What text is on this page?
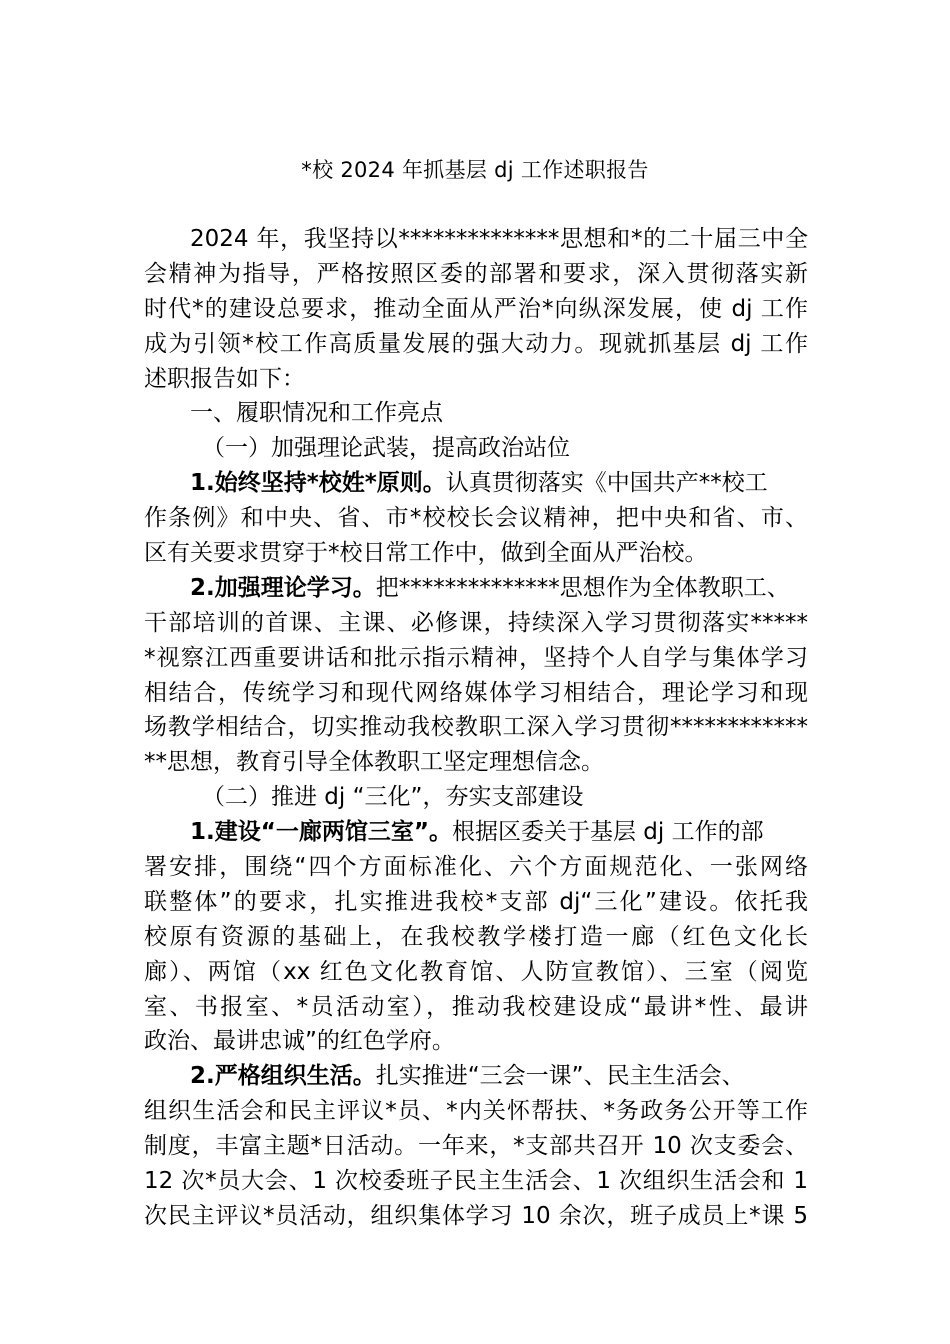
*校 2024 年抓基层 dj 工作述职报告
2024 年，我坚持以**************思想和*的二十届三中全
会精神为指导，严格按照区委的部署和要求，深入贯彻落实新
时代*的建设总要求，推动全面从严治*向纵深发展，使 dj 工作
成为引领*校工作高质量发展的强大动力。现就抓基层 dj 工作
述职报告如下：
一、履职情况和工作亮点
（一）加强理论武装，提高政治站位
1.始终坚持*校姓*原则。认真贯彻落实《中国共产**校工
作条例》和中央、省、市*校校长会议精神，把中央和省、市、
区有关要求贯穿于*校日常工作中，做到全面从严治校。
2.加强理论学习。把**************思想作为全体教职工、
干部培训的首课、主课、必修课，持续深入学习贯彻落实*****
*视察江西重要讲话和批示指示精神，坚持个人自学与集体学习
相结合，传统学习和现代网络媒体学习相结合，理论学习和现
场教学相结合，切实推动我校教职工深入学习贯彻************
**思想，教育引导全体教职工坚定理想信念。
（二）推进 dj “三化”，夯实支部建设
1.建设“一廊两馆三室”。根据区委关于基层 dj 工作的部
署安排，围绕“四个方面标准化、六个方面规范化、一张网络
联整体”的要求，扎实推进我校*支部 dj“三化”建设。依托我
校原有资源的基础上，在我校教学楼打造一廊（红色文化长
廊）、两馆（xx 红色文化教育馆、人防宣教馆）、三室（阅览
室、书报室、*员活动室），推动我校建设成“最讲*性、最讲
政治、最讲忠诚”的红色学府。
2.严格组织生活。扎实推进“三会一课”、民主生活会、
组织生活会和民主评议*员、*内关怀帮扶、*务政务公开等工作
制度，丰富主题*日活动。一年来，*支部共召开 10 次支委会、
12 次*员大会、1 次校委班子民主生活会、1 次组织生活会和 1
次民主评议*员活动，组织集体学习 10 余次，班子成员上*课 5
